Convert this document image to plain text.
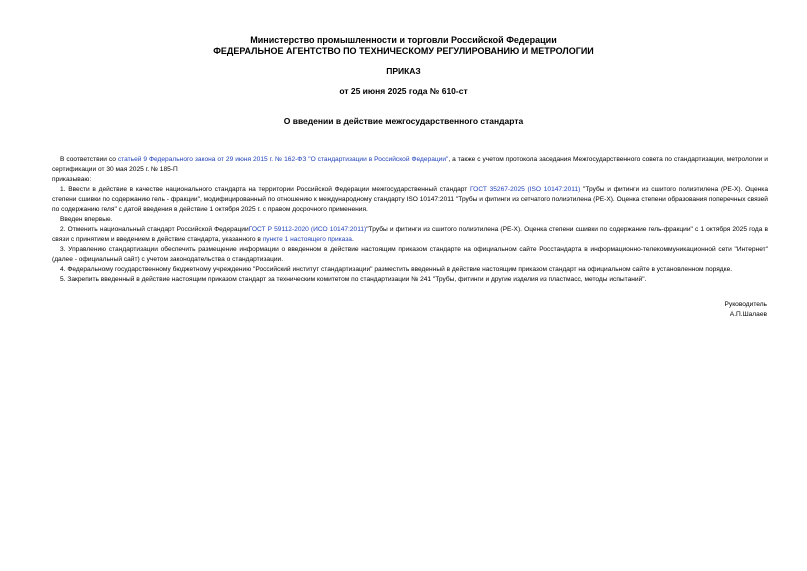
Министерство промышленности и торговли Российской Федерации
ФЕДЕРАЛЬНОЕ АГЕНТСТВО ПО ТЕХНИЧЕСКОМУ РЕГУЛИРОВАНИЮ И МЕТРОЛОГИИ
ПРИКАЗ
от 25 июня 2025 года № 610-ст
О введении в действие межгосударственного стандарта

В соответствии со статьей 9 Федерального закона от 29 июня 2015 г. № 162-ФЗ "О стандартизации в Российской Федерации", а также с учетом протокола заседания Межгосударственного совета по стандартизации, метрологии и сертификации от 30 мая 2025 г. № 185-П

приказываю:

1. Ввести в действие в качестве национального стандарта на территории Российской Федерации межгосударственный стандарт ГОСТ 35267-2025 (ISO 10147:2011) "Трубы и фитинги из сшитого полиэтилена (PE-X). Оценка степени сшивки по содержанию гель - фракции", модифицированный по отношению к международному стандарту ISO 10147:2011 "Трубы и фитинги из сетчатого полиэтилена (PE-X). Оценка степени образования поперечных связей по содержанию геля" с датой введения в действие 1 октября 2025 г. с правом досрочного применения.

Введен впервые.

2. Отменить национальный стандарт Российской ФедерацииГОСТ Р 59112-2020 (ИСО 10147:2011)"Трубы и фитинги из сшитого полиэтилена (PE-X). Оценка степени сшивки по содержание гель-фракции" с 1 октября 2025 года в связи с принятием и введением в действие стандарта, указанного в пункте 1 настоящего приказа.

3. Управлению стандартизации обеспечить размещение информации о введенном в действие настоящим приказом стандарте на официальном сайте Росстандарта в информационно-телекоммуникационной сети "Интернет" (далее - официальный сайт) с учетом законодательства о стандартизации.

4. Федеральному государственному бюджетному учреждению "Российский институт стандартизации" разместить введенный в действие настоящим приказом стандарт на официальном сайте в установленном порядке.

5. Закрепить введенный в действие настоящим приказом стандарт за техническим комитетом по стандартизации № 241 "Трубы, фитинги и другие изделия из пластмасс, методы испытаний".

Руководитель
А.П.Шалаев
